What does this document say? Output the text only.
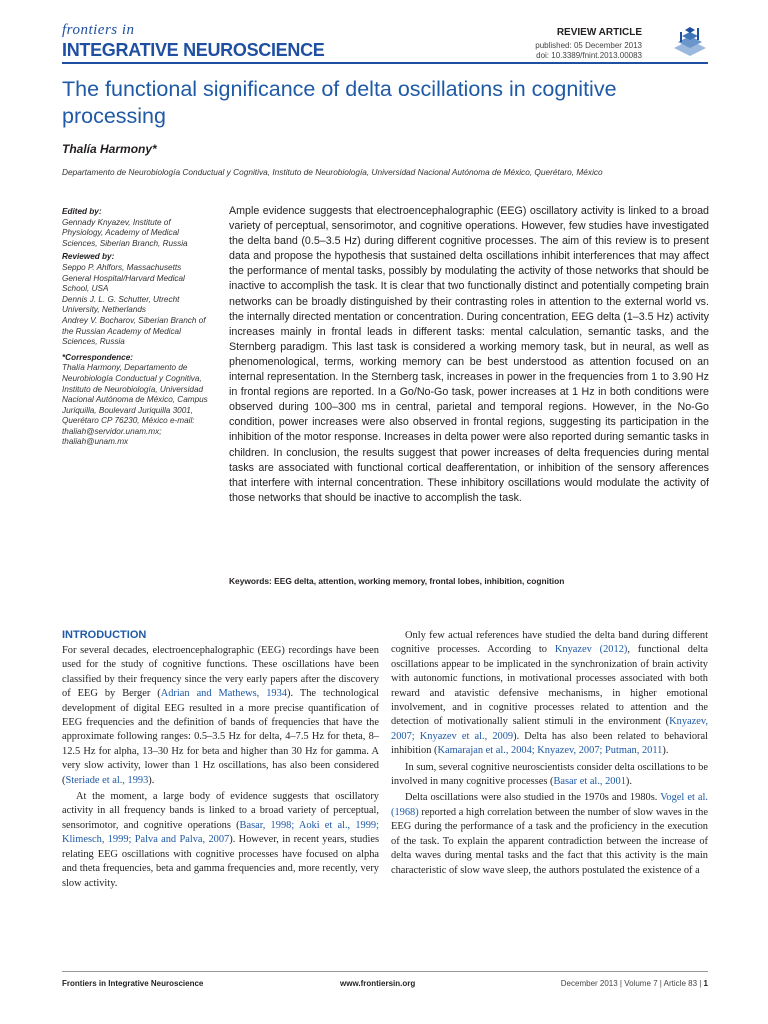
frontiers in
INTEGRATIVE NEUROSCIENCE
REVIEW ARTICLE
published: 05 December 2013
doi: 10.3389/fnint.2013.00083
The functional significance of delta oscillations in cognitive processing
Thalía Harmony*
Departamento de Neurobiología Conductual y Cognitiva, Instituto de Neurobiología, Universidad Nacional Autónoma de México, Querétaro, México
Edited by:
Gennady Knyazev, Institute of Physiology, Academy of Medical Sciences, Siberian Branch, Russia
Reviewed by:
Seppo P. Ahlfors, Massachusetts General Hospital/Harvard Medical School, USA
Dennis J. L. G. Schutter, Utrecht University, Netherlands
Andrey V. Bocharov, Siberian Branch of the Russian Academy of Medical Sciences, Russia
*Correspondence:
Thalía Harmony, Departamento de Neurobiología Conductual y Cognitiva, Instituto de Neurobiología, Universidad Nacional Autónoma de México, Campus Juriquilla, Boulevard Juriquilla 3001, Querétaro CP 76230, México e-mail: thaliah@servidor.unam.mx; thaliah@unam.mx
Ample evidence suggests that electroencephalographic (EEG) oscillatory activity is linked to a broad variety of perceptual, sensorimotor, and cognitive operations. However, few studies have investigated the delta band (0.5–3.5 Hz) during different cognitive processes. The aim of this review is to present data and propose the hypothesis that sustained delta oscillations inhibit interferences that may affect the performance of mental tasks, possibly by modulating the activity of those networks that should be inactive to accomplish the task. It is clear that two functionally distinct and potentially competing brain networks can be broadly distinguished by their contrasting roles in attention to the external world vs. the internally directed mentation or concentration. During concentration, EEG delta (1–3.5 Hz) activity increases mainly in frontal leads in different tasks: mental calculation, semantic tasks, and the Sternberg paradigm. This last task is considered a working memory task, but in neural, as well as phenomenological, terms, working memory can be best understood as attention focused on an internal representation. In the Sternberg task, increases in power in the frequencies from 1 to 3.90 Hz in frontal regions are reported. In a Go/No-Go task, power increases at 1 Hz in both conditions were observed during 100–300 ms in central, parietal and temporal regions. However, in the No-Go condition, power increases were also observed in frontal regions, suggesting its participation in the inhibition of the motor response. Increases in delta power were also reported during semantic tasks in children. In conclusion, the results suggest that power increases of delta frequencies during mental tasks are associated with functional cortical deafferentation, or inhibition of the sensory afferences that interfere with internal concentration. These inhibitory oscillations would modulate the activity of those networks that should be inactive to accomplish the task.
Keywords: EEG delta, attention, working memory, frontal lobes, inhibition, cognition
INTRODUCTION

For several decades, electroencephalographic (EEG) recordings have been used for the study of cognitive functions. These oscillations have been classified by their frequency since the very early papers after the discovery of EEG by Berger (Adrian and Mathews, 1934). The technological development of digital EEG resulted in a more precise quantification of EEG frequencies and the definition of bands of frequencies that have the approximate following ranges: 0.5–3.5 Hz for delta, 4–7.5 Hz for theta, 8–12.5 Hz for alpha, 13–30 Hz for beta and higher than 30 Hz for gamma. A very slow activity, lower than 1 Hz oscillations, has also been considered (Steriade et al., 1993).

At the moment, a large body of evidence suggests that oscillatory activity in all frequency bands is linked to a broad variety of perceptual, sensorimotor, and cognitive operations (Basar, 1998; Aoki et al., 1999; Klimesch, 1999; Palva and Palva, 2007). However, in recent years, studies relating EEG oscillations with cognitive processes have focused on alpha and theta frequencies, beta and gamma frequencies and, more recently, very slow activity.

Only few actual references have studied the delta band during different cognitive processes. According to Knyazev (2012), functional delta oscillations appear to be implicated in the synchronization of brain activity with autonomic functions, in motivational processes associated with both reward and atavistic defensive mechanisms, in higher emotional involvement, and in cognitive processes related to attention and the detection of motivationally salient stimuli in the environment (Knyazev, 2007; Knyazev et al., 2009). Delta has also been related to behavioral inhibition (Kamarajan et al., 2004; Knyazev, 2007; Putman, 2011).

In sum, several cognitive neuroscientists consider delta oscillations to be involved in many cognitive processes (Basar et al., 2001).

Delta oscillations were also studied in the 1970s and 1980s. Vogel et al. (1968) reported a high correlation between the number of slow waves in the EEG during the performance of a task and the proficiency in the execution of the task. To explain the apparent contradiction between the increase of delta waves during mental tasks and the fact that this activity is the main characteristic of slow wave sleep, the authors postulated the existence of a

Frontiers in Integrative Neuroscience	www.frontiersin.org	December 2013 | Volume 7 | Article 83 | 1
